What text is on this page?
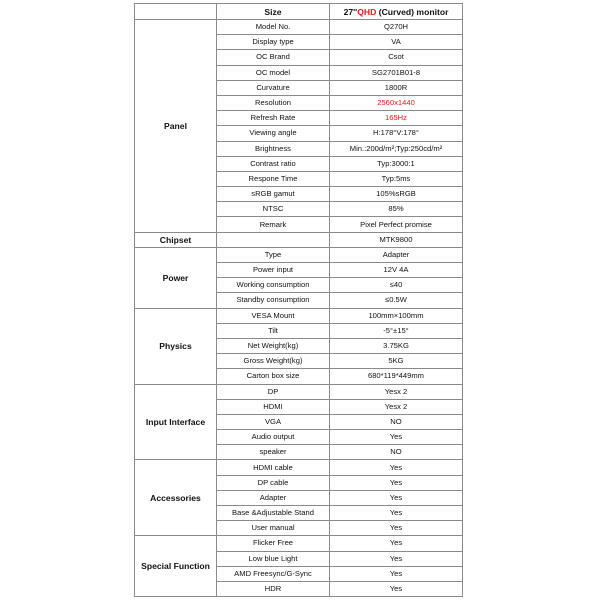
	Size	27''QHD (Curved) monitor
Panel	Model No.	Q270H
	Display type	VA
	OC Brand	Csot
	OC model	SG2701B01-8
	Curvature	1800R
	Resolution	2560x1440
	Refresh Rate	165Hz
	Viewing angle	H:178°V:178°
	Brightness	Min.:200d/m²;Typ:250cd/m²
	Contrast ratio	Typ:3000:1
	Respone Time	Typ:5ms
	sRGB gamut	105%sRGB
	NTSC	85%
	Remark	Pixel Perfect promise
Chipset		MTK9800
Power	Type	Adapter
	Power input	12V 4A
	Working consumption	≤40
	Standby consumption	≤0.5W
Physics	VESA Mount	100mm×100mm
	Tilt	-5°±15°
	Net Weight(kg)	3.75KG
	Gross Weight(kg)	5KG
	Carton box size	680*119*449mm
Input Interface	DP	Yesx 2
	HDMI	Yesx 2
	VGA	NO
	Audio output	Yes
	speaker	NO
Accessories	HDMI cable	Yes
	DP cable	Yes
	Adapter	Yes
	Base &Adjustable Stand	Yes
	User manual	Yes
Special Function	Flicker Free	Yes
	Low blue Light	Yes
	AMD Freesync/G-Sync	Yes
	HDR	Yes
